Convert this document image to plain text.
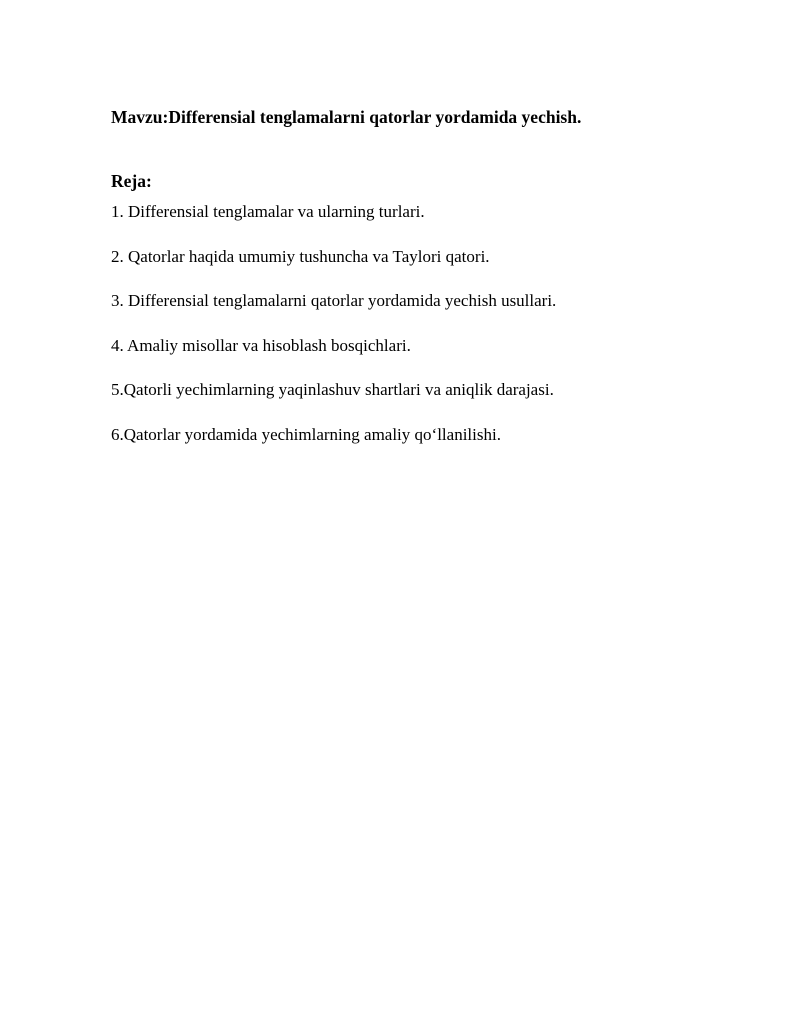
Mavzu:Differensial tenglamalarni qatorlar yordamida yechish.
Reja:
1. Differensial tenglamalar va ularning turlari.
2. Qatorlar haqida umumiy tushuncha va Taylori qatori.
3. Differensial tenglamalarni qatorlar yordamida yechish usullari.
4. Amaliy misollar va hisoblash bosqichlari.
5.Qatorli yechimlarning yaqinlashuv shartlari va aniqlik darajasi.
6.Qatorlar yordamida yechimlarning amaliy qo‘llanilishi.
